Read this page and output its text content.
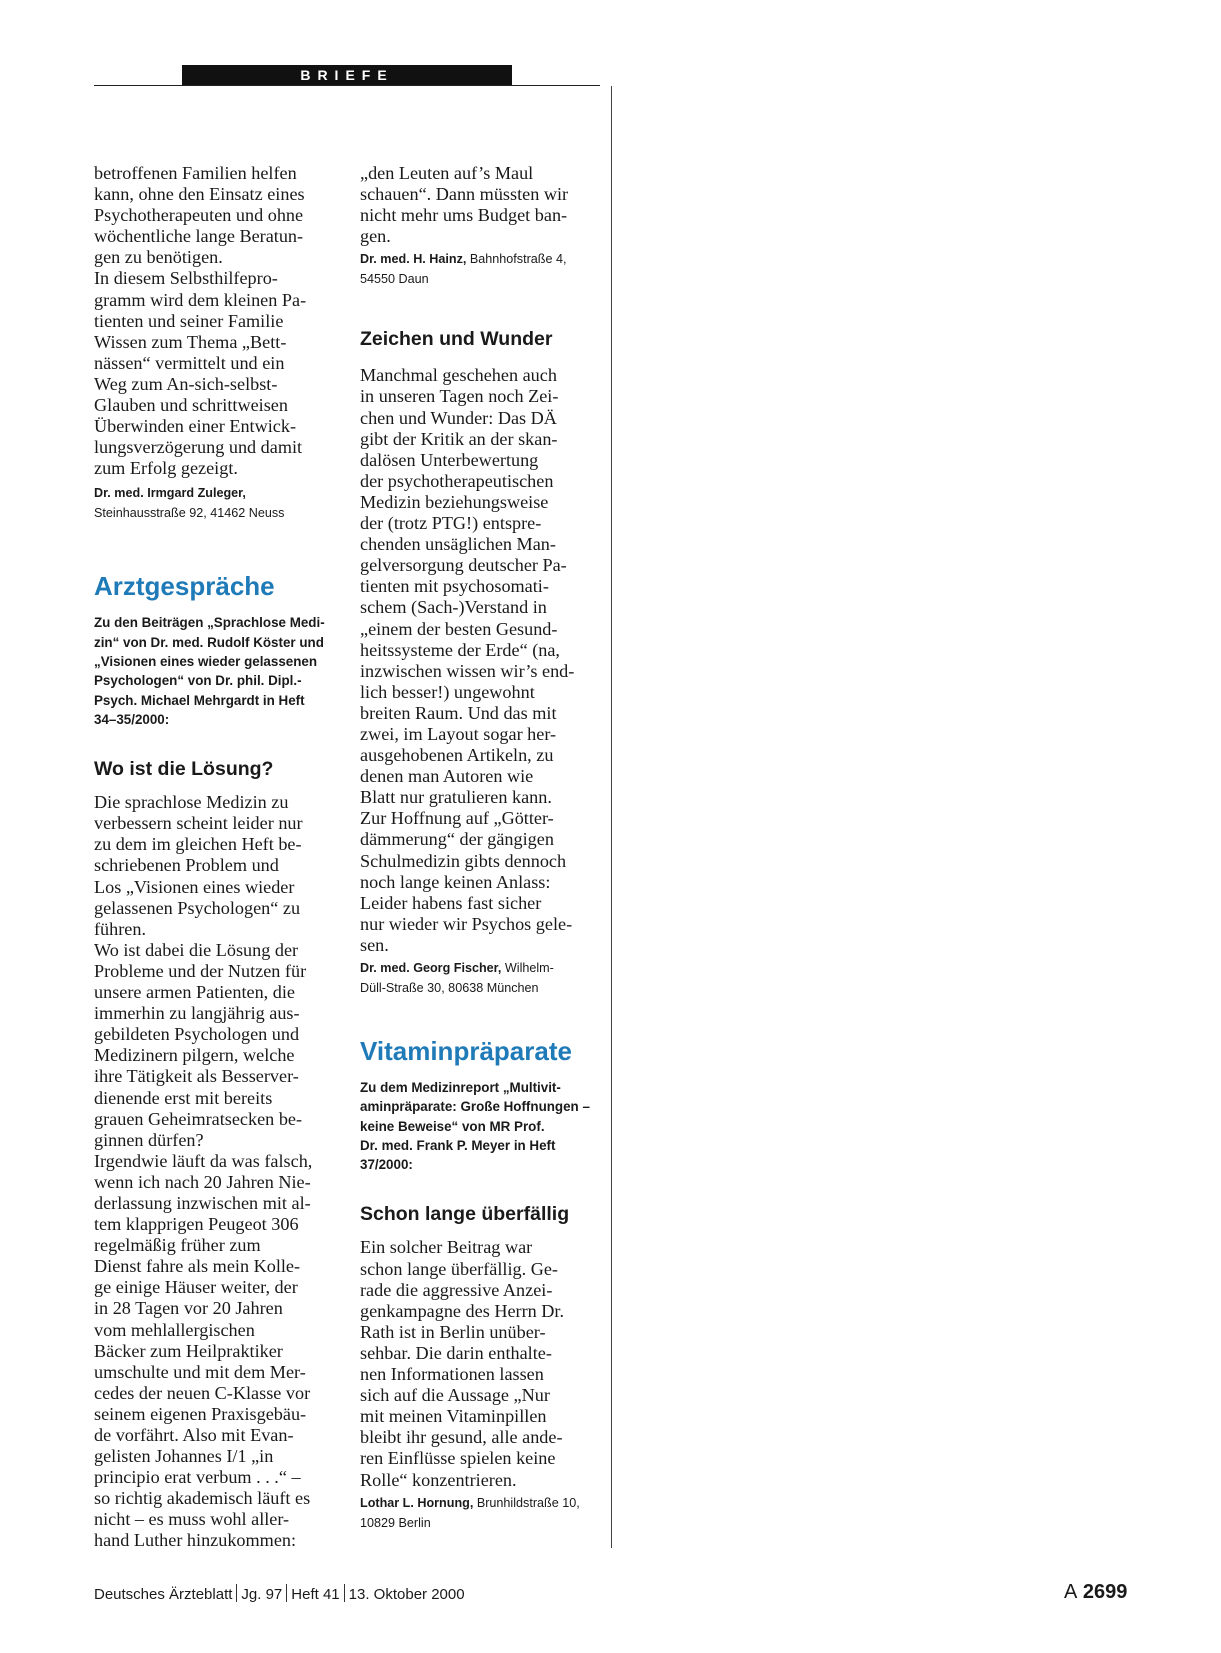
BRIEFE
betroffenen Familien helfen
kann, ohne den Einsatz eines
Psychotherapeuten und ohne
wöchentliche lange Beratun-
gen zu benötigen.
In diesem Selbsthilfepro-
gramm wird dem kleinen Pa-
tienten und seiner Familie
Wissen zum Thema „Bett-
nässen“ vermittelt und ein
Weg zum An-sich-selbst-
Glauben und schrittweisen
Überwinden einer Entwick-
lungsverzögerung und damit
zum Erfolg gezeigt.
Dr. med. Irmgard Zuleger,
Steinhausstraße 92, 41462 Neuss
Arztgespräche
Zu den Beiträgen „Sprachlose Medi-
zin“ von Dr. med. Rudolf Köster und
„Visionen eines wieder gelassenen
Psychologen“ von Dr. phil. Dipl.-
Psych. Michael Mehrgardt in Heft
34–35/2000:
Wo ist die Lösung?
Die sprachlose Medizin zu
verbessern scheint leider nur
zu dem im gleichen Heft be-
schriebenen Problem und
Los „Visionen eines wieder
gelassenen Psychologen“ zu
führen.
Wo ist dabei die Lösung der
Probleme und der Nutzen für
unsere armen Patienten, die
immerhin zu langjährig aus-
gebildeten Psychologen und
Medizinern pilgern, welche
ihre Tätigkeit als Besserver-
dienende erst mit bereits
grauen Geheimratsecken be-
ginnen dürfen?
Irgendwie läuft da was falsch,
wenn ich nach 20 Jahren Nie-
derlassung inzwischen mit al-
tem klapprigen Peugeot 306
regelmäßig früher zum
Dienst fahre als mein Kolle-
ge einige Häuser weiter, der
in 28 Tagen vor 20 Jahren
vom mehlallergischen
Bäcker zum Heilpraktiker
umschulte und mit dem Mer-
cedes der neuen C-Klasse vor
seinem eigenen Praxisgebäu-
de vorfährt. Also mit Evan-
gelisten Johannes I/1 „in
principio erat verbum . . .“ –
so richtig akademisch läuft es
nicht – es muss wohl aller-
hand Luther hinzukommen:
„den Leuten auf’s Maul
schauen“. Dann müssten wir
nicht mehr ums Budget ban-
gen.
Dr. med. H. Hainz, Bahnhofstraße 4,
54550 Daun
Zeichen und Wunder
Manchmal geschehen auch
in unseren Tagen noch Zei-
chen und Wunder: Das DÄ
gibt der Kritik an der skan-
dalösen Unterbewertung
der psychotherapeutischen
Medizin beziehungsweise
der (trotz PTG!) entspre-
chenden unsäglichen Man-
gelversorgung deutscher Pa-
tienten mit psychosomati-
schem (Sach-)Verstand in
„einem der besten Gesund-
heitssysteme der Erde“ (na,
inzwischen wissen wir’s end-
lich besser!) ungewohnt
breiten Raum. Und das mit
zwei, im Layout sogar her-
ausgehobenen Artikeln, zu
denen man Autoren wie
Blatt nur gratulieren kann.
Zur Hoffnung auf „Götter-
dämmerung“ der gängigen
Schulmedizin gibts dennoch
noch lange keinen Anlass:
Leider habens fast sicher
nur wieder wir Psychos gele-
sen.
Dr. med. Georg Fischer, Wilhelm-
Düll-Straße 30, 80638 München
Vitaminpräparate
Zu dem Medizinreport „Multivit-
aminpräparate: Große Hoffnungen –
keine Beweise“ von MR Prof.
Dr. med. Frank P. Meyer in Heft
37/2000:
Schon lange überfällig
Ein solcher Beitrag war
schon lange überfällig. Ge-
rade die aggressive Anzei-
genkampagne des Herrn Dr.
Rath ist in Berlin unüber-
sehbar. Die darin enthalte-
nen Informationen lassen
sich auf die Aussage „Nur
mit meinen Vitaminpillen
bleibt ihr gesund, alle ande-
ren Einflüsse spielen keine
Rolle“ konzentrieren.
Lothar L. Hornung, Brunhildstraße 10,
10829 Berlin
Deutsches Ärzteblatt Jg. 97 Heft 41 13. Oktober 2000	A 2699
